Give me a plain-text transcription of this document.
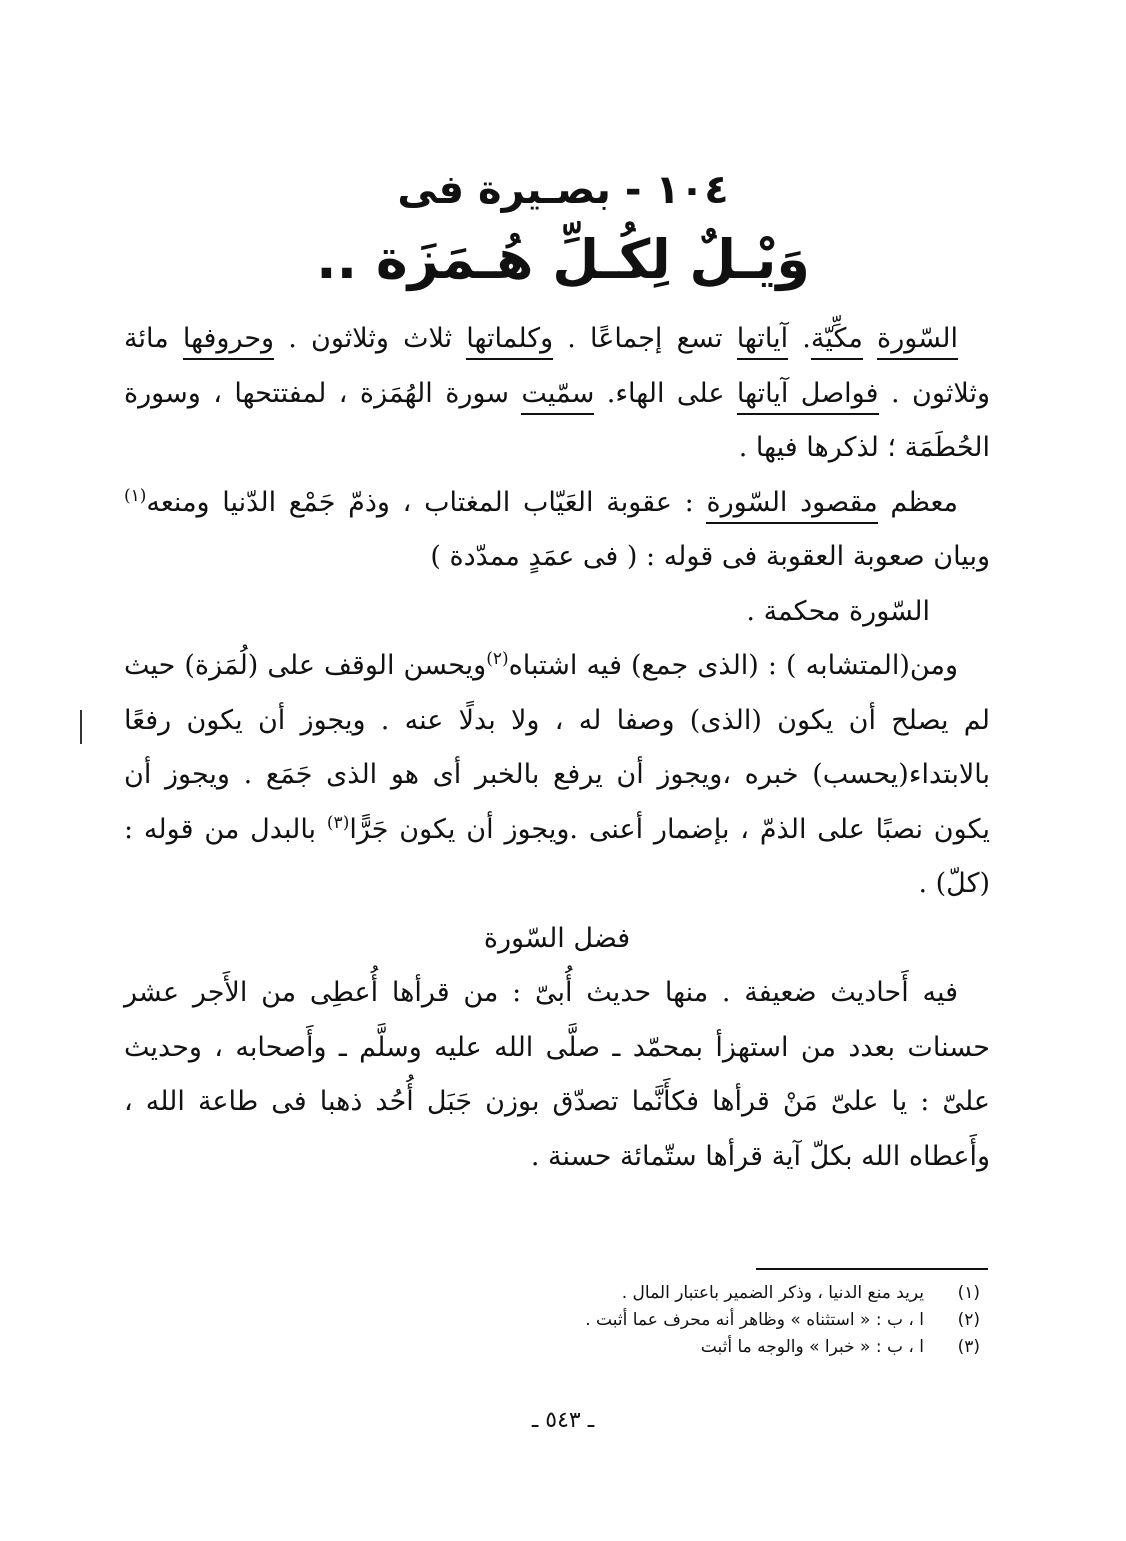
١٠٤ - بصـيرة فى
وَيْـلٌ لِكُـلِّ هُـمَزَة ..

السّورة مكِّيّة. آياتها تسع إجماعًا . وكلماتها ثلاث وثلاثون . وحروفها مائة وثلاثون . فواصل آياتها على الهاء. سمّيت سورة الهُمَزة ، لمفتتحها ، وسورة الحُطَمَة ؛ لذكرها فيها .

معظم مقصود السّورة : عقوبة العَيّاب المغتاب ، وذمّ جَمْع الدّنيا ومنعه$^{(١)}$ وبيان صعوبة العقوبة فى قوله : ( فى عمَدٍ ممدّدة )

السّورة محكمة .

ومن(المتشابه ) : (الذى جمع) فيه اشتباه$^{(٢)}$ويحسن الوقف على (لُمَزة) حيث لم يصلح أن يكون (الذى) وصفا له ، ولا بدلًا عنه . ويجوز أن يكون رفعًا بالابتداء(يحسب) خبره ،ويجوز أن يرفع بالخبر أى هو الذى جَمَع . ويجوز أن يكون نصبًا على الذمّ ، بإضمار أعنى .ويجوز أن يكون جَرًّا$^{(٣)}$ بالبدل من قوله : (كلّ) .

فضل السّورة

فيه أَحاديث ضعيفة . منها حديث أُبىّ : من قرأها أُعطِى من الأَجر عشر حسنات بعدد من استهزأ بمحمّد ـ صلَّى الله عليه وسلَّم ـ وأَصحابه ، وحديث علىّ : يا علىّ مَنْ قرأها فكأَنَّما تصدّق بوزن جَبَل أُحُد ذهبا فى طاعة الله ، وأَعطاه الله بكلّ آية قرأها ستّمائة حسنة .

(١)
يريد منع الدنيا ، وذكر الضمير باعتبار المال .
(٢)
ا ، ب : « استثناه » وظاهر أنه محرف عما أثبت .
(٣)
ا ، ب : « خبرا » والوجه ما أثبت
ـ ٥٤٣ ـ
